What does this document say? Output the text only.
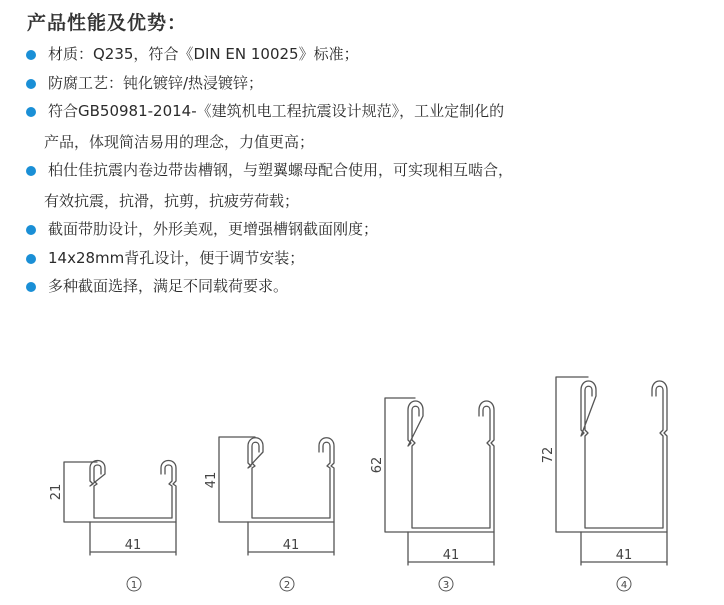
产品性能及优势：
材质：Q235，符合《DIN EN 10025》标准；
防腐工艺：钝化镀锌/热浸镀锌；
符合GB50981-2014-《建筑机电工程抗震设计规范》，工业定制化的
产品，体现简洁易用的理念，力值更高；
柏仕佳抗震内卷边带齿槽钢，与塑翼螺母配合使用，可实现相互啮合，
有效抗震，抗滑，抗剪，抗疲劳荷载；
截面带肋设计，外形美观，更增强槽钢截面刚度；
14x28mm背孔设计，便于调节安装；
多种截面选择，满足不同载荷要求。
41
21
41
41
41
62
41
72
1	2	3	4
